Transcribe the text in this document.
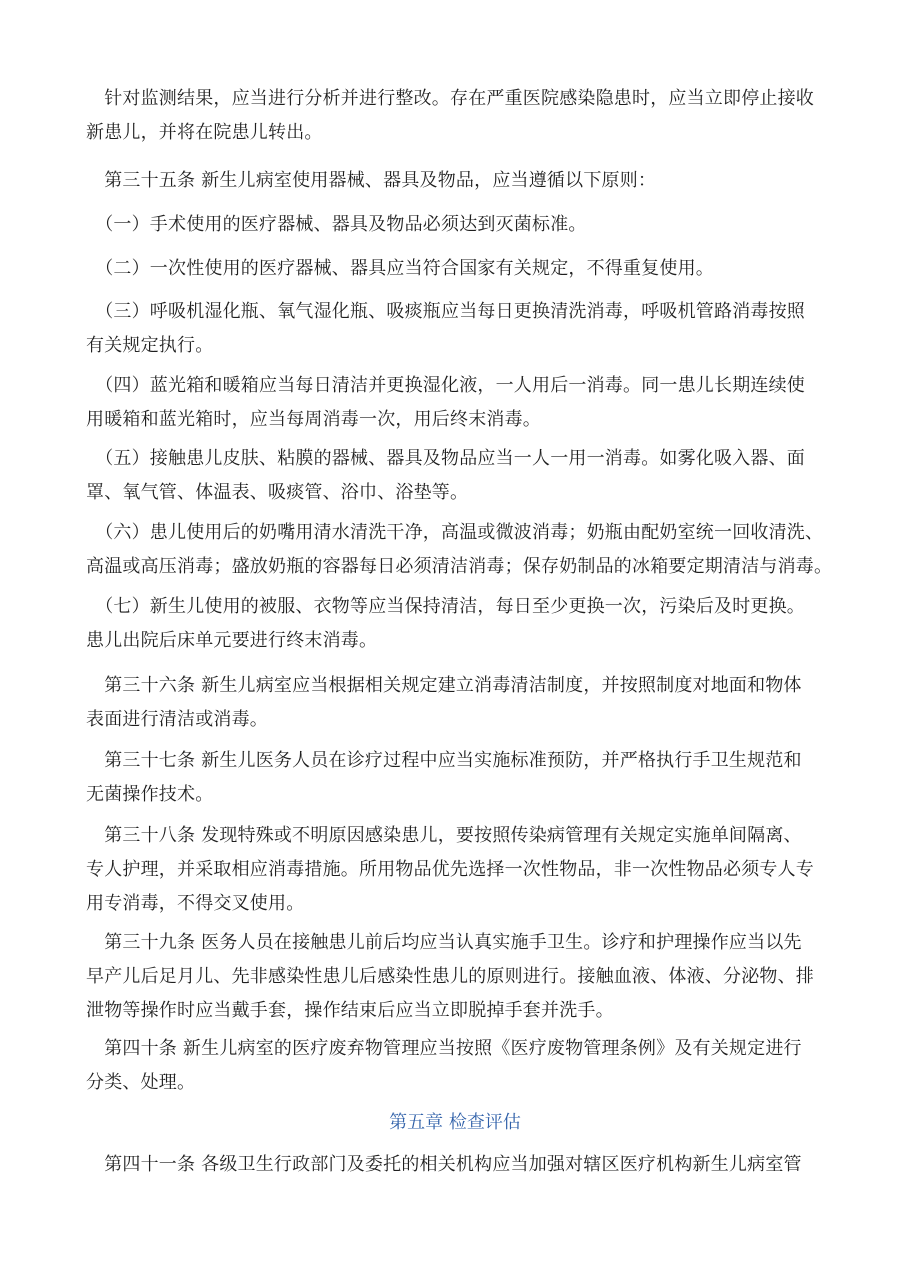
　针对监测结果，应当进行分析并进行整改。存在严重医院感染隐患时，应当立即停止接收
新患儿，并将在院患儿转出。
　第三十五条 新生儿病室使用器械、器具及物品，应当遵循以下原则：
　（一）手术使用的医疗器械、器具及物品必须达到灭菌标准。
　（二）一次性使用的医疗器械、器具应当符合国家有关规定，不得重复使用。
　（三）呼吸机湿化瓶、氧气湿化瓶、吸痰瓶应当每日更换清洗消毒，呼吸机管路消毒按照
有关规定执行。
　（四）蓝光箱和暖箱应当每日清洁并更换湿化液，一人用后一消毒。同一患儿长期连续使
用暖箱和蓝光箱时，应当每周消毒一次，用后终末消毒。
　（五）接触患儿皮肤、粘膜的器械、器具及物品应当一人一用一消毒。如雾化吸入器、面
罩、氧气管、体温表、吸痰管、浴巾、浴垫等。
　（六）患儿使用后的奶嘴用清水清洗干净，高温或微波消毒；奶瓶由配奶室统一回收清洗、
高温或高压消毒；盛放奶瓶的容器每日必须清洁消毒；保存奶制品的冰箱要定期清洁与消毒。
　（七）新生儿使用的被服、衣物等应当保持清洁，每日至少更换一次，污染后及时更换。
患儿出院后床单元要进行终末消毒。
　第三十六条 新生儿病室应当根据相关规定建立消毒清洁制度，并按照制度对地面和物体
表面进行清洁或消毒。
　第三十七条 新生儿医务人员在诊疗过程中应当实施标准预防，并严格执行手卫生规范和
无菌操作技术。
　第三十八条 发现特殊或不明原因感染患儿，要按照传染病管理有关规定实施单间隔离、
专人护理，并采取相应消毒措施。所用物品优先选择一次性物品，非一次性物品必须专人专
用专消毒，不得交叉使用。
　第三十九条 医务人员在接触患儿前后均应当认真实施手卫生。诊疗和护理操作应当以先
早产儿后足月儿、先非感染性患儿后感染性患儿的原则进行。接触血液、体液、分泌物、排
泄物等操作时应当戴手套，操作结束后应当立即脱掉手套并洗手。
　第四十条 新生儿病室的医疗废弃物管理应当按照《医疗废物管理条例》及有关规定进行
分类、处理。
第五章 检查评估
　第四十一条 各级卫生行政部门及委托的相关机构应当加强对辖区医疗机构新生儿病室管
